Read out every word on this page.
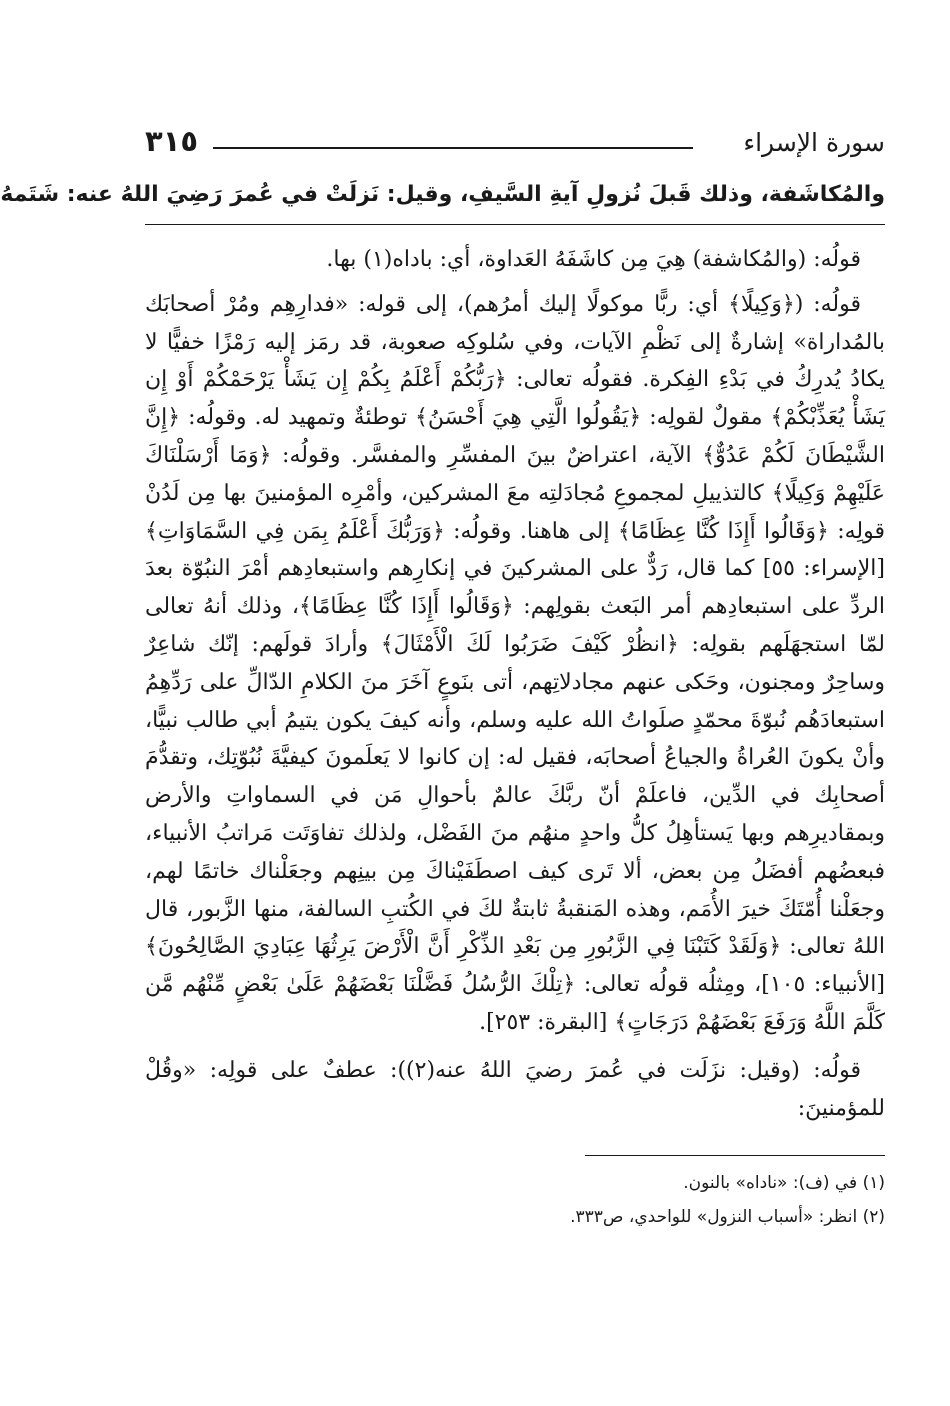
سورة الإسراء
٣١٥
والمُكاشَفة، وذلك قَبلَ نُزولِ آيةِ السَّيفِ، وقيل: نَزلَتْ في عُمرَ رَضِيَ اللهُ عنه: شَتَمهُ

قولُه: (والمُكاشفة) هِيَ مِن كاشَفَهُ العَداوة، أي: باداه(١) بها.

قولُه: (﴿وَكِيلًا﴾ أي: ربًّا موكولًا إليك أمرُهم)، إلى قوله: «فدارِهِم ومُرْ أصحابَك بالمُداراة» إشارةٌ إلى نَظْمِ الآيات، وفي سُلوكِه صعوبة، قد رمَز إليه رَمْزًا خفيًّا لا يكادُ يُدرِكُ في بَدْءِ الفِكرة. فقولُه تعالى: ﴿رَبُّكُمْ أَعْلَمُ بِكُمْ إِن يَشَأْ يَرْحَمْكُمْ أَوْ إِن يَشَأْ يُعَذِّبْكُمْ﴾ مقولٌ لقولِه: ﴿يَقُولُوا الَّتِي هِيَ أَحْسَنُ﴾ توطئةٌ وتمهيد له. وقولُه: ﴿إِنَّ الشَّيْطَانَ لَكُمْ عَدُوٌّ﴾ الآية، اعتراضٌ بينَ المفسِّرِ والمفسَّر. وقولُه: ﴿وَمَا أَرْسَلْنَاكَ عَلَيْهِمْ وَكِيلًا﴾ كالتذييلِ لمجموعِ مُجادَلتِه معَ المشركين، وأمْرِه المؤمنينَ بها مِن لَدُنْ قولِه: ﴿وَقَالُوا أَإِذَا كُنَّا عِظَامًا﴾ إلى هاهنا. وقولُه: ﴿وَرَبُّكَ أَعْلَمُ بِمَن فِي السَّمَاوَاتِ﴾ [الإسراء: ٥٥] كما قال، رَدٌّ على المشركينَ في إنكارِهم واستبعادِهم أمْرَ النبُوّة بعدَ الردِّ على استبعادِهم أمر البَعث بقولِهم: ﴿وَقَالُوا أَإِذَا كُنَّا عِظَامًا﴾، وذلك أنهُ تعالى لمّا استجهَلَهم بقولِه: ﴿انظُرْ كَيْفَ ضَرَبُوا لَكَ الْأَمْثَالَ﴾ وأرادَ قولَهم: إنّك شاعِرٌ وساحِرٌ ومجنون، وحَكى عنهم مجادلاتِهم، أتى بنَوعٍ آخَرَ منَ الكلامِ الدّالِّ على رَدِّهِمُ استبعادَهُم نُبوّةَ محمّدٍ صلَواتُ الله عليه وسلم، وأنه كيفَ يكون يتيمُ أبي طالب نبيًّا، وأنْ يكونَ العُراةُ والجياعُ أصحابَه، فقيل له: إن كانوا لا يَعلَمونَ كيفيَّةَ نُبُوّتِك، وتقدُّمَ أصحابِك في الدِّين، فاعلَمْ أنّ ربَّكَ عالمٌ بأحوالِ مَن في السماواتِ والأرض وبمقاديرِهم وبها يَستأهِلُ كلُّ واحدٍ منهُم منَ الفَضْل، ولذلك تفاوَتَت مَراتبُ الأنبياء، فبعضُهم أفضَلُ مِن بعض، ألا تَرى كيف اصطَفَيْناكَ مِن بينِهم وجعَلْناك خاتمًا لهم، وجعَلْنا أُمّتَكَ خيرَ الأُمَم، وهذه المَنقبةُ ثابتةٌ لكَ في الكُتبِ السالفة، منها الزَّبور، قال اللهُ تعالى: ﴿وَلَقَدْ كَتَبْنَا فِي الزَّبُورِ مِن بَعْدِ الذِّكْرِ أَنَّ الْأَرْضَ يَرِثُهَا عِبَادِيَ الصَّالِحُونَ﴾ [الأنبياء: ١٠٥]، ومِثلُه قولُه تعالى: ﴿تِلْكَ الرُّسُلُ فَضَّلْنَا بَعْضَهُمْ عَلَىٰ بَعْضٍ مِّنْهُم مَّن كَلَّمَ اللَّهُ وَرَفَعَ بَعْضَهُمْ دَرَجَاتٍ﴾ [البقرة: ٢٥٣].

قولُه: (وقيل: نزَلَت في عُمرَ رضيَ اللهُ عنه(٢)): عطفٌ على قولِه: «وقُلْ للمؤمنينَ:

(١) في (ف): «ناداه» بالنون.
(٢) انظر: «أسباب النزول» للواحدي، ص٣٣٣.
